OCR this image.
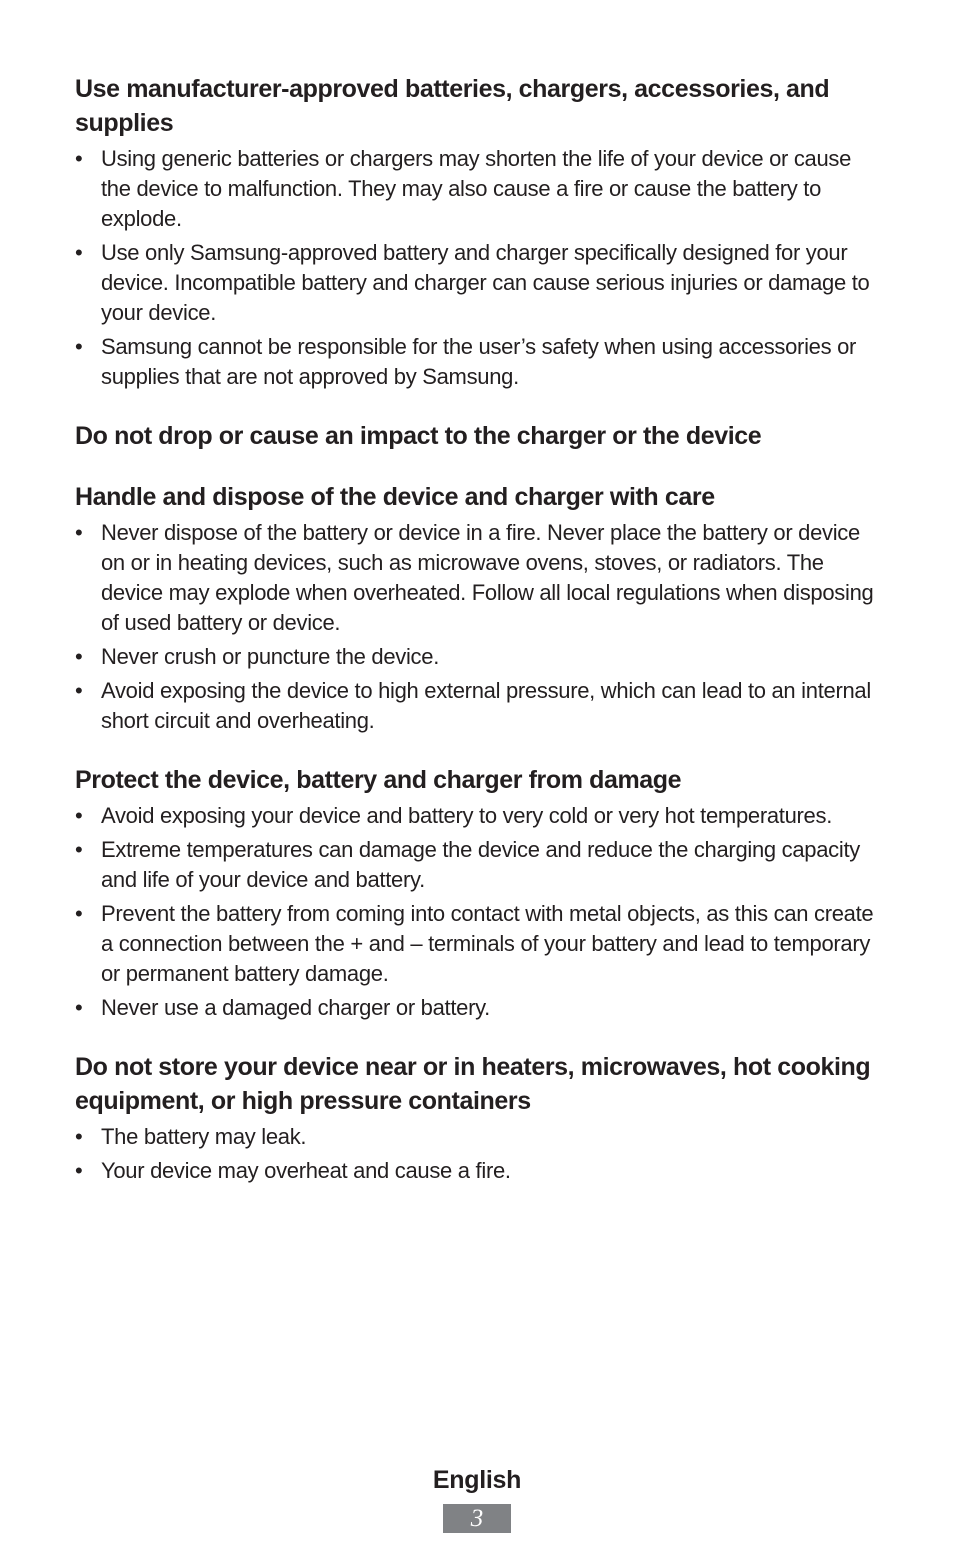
Use manufacturer-approved batteries, chargers, accessories, and supplies
• Using generic batteries or chargers may shorten the life of your device or cause the device to malfunction. They may also cause a fire or cause the battery to explode.
• Use only Samsung-approved battery and charger specifically designed for your device. Incompatible battery and charger can cause serious injuries or damage to your device.
• Samsung cannot be responsible for the user’s safety when using accessories or supplies that are not approved by Samsung.
Do not drop or cause an impact to the charger or the device
Handle and dispose of the device and charger with care
• Never dispose of the battery or device in a fire. Never place the battery or device on or in heating devices, such as microwave ovens, stoves, or radiators. The device may explode when overheated. Follow all local regulations when disposing of used battery or device.
• Never crush or puncture the device.
• Avoid exposing the device to high external pressure, which can lead to an internal short circuit and overheating.
Protect the device, battery and charger from damage
• Avoid exposing your device and battery to very cold or very hot temperatures.
• Extreme temperatures can damage the device and reduce the charging capacity and life of your device and battery.
• Prevent the battery from coming into contact with metal objects, as this can create a connection between the + and – terminals of your battery and lead to temporary or permanent battery damage.
• Never use a damaged charger or battery.
Do not store your device near or in heaters, microwaves, hot cooking equipment, or high pressure containers
• The battery may leak.
• Your device may overheat and cause a fire.
English
3
